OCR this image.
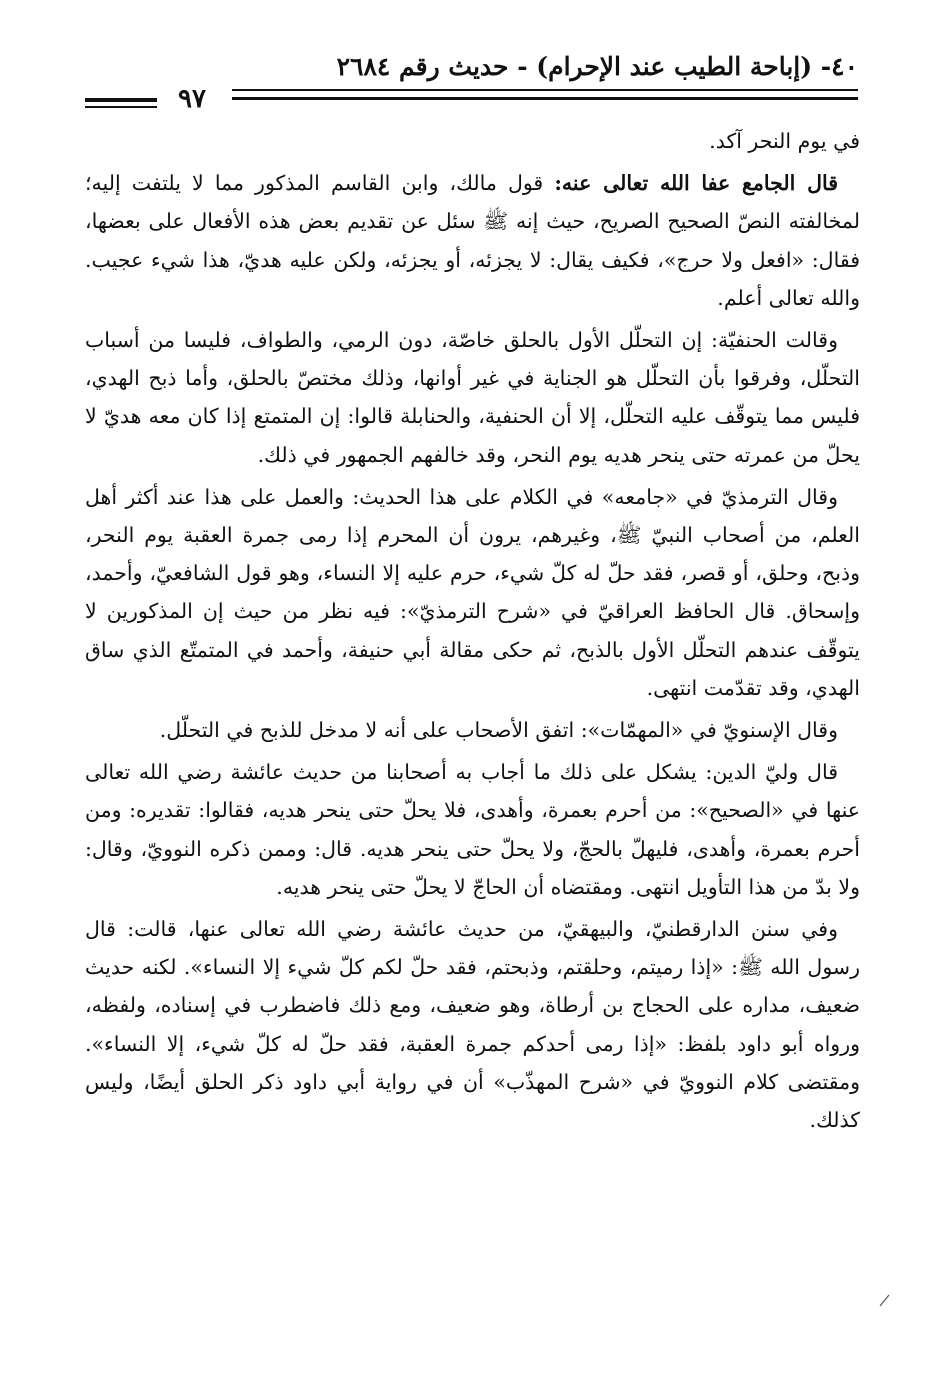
٤٠- (إباحة الطيب عند الإحرام) - حديث رقم ٢٦٨٤
٩٧

في يوم النحر آكد.

قال الجامع عفا الله تعالى عنه: قول مالك، وابن القاسم المذكور مما لا يلتفت إليه؛ لمخالفته النصّ الصحيح الصريح، حيث إنه ﷺ سئل عن تقديم بعض هذه الأفعال على بعضها، فقال: «افعل ولا حرج»، فكيف يقال: لا يجزئه، أو يجزئه، ولكن عليه هديّ، هذا شيء عجيب. والله تعالى أعلم.

وقالت الحنفيّة: إن التحلّل الأول بالحلق خاصّة، دون الرمي، والطواف، فليسا من أسباب التحلّل، وفرقوا بأن التحلّل هو الجناية في غير أوانها، وذلك مختصّ بالحلق، وأما ذبح الهدي، فليس مما يتوقّف عليه التحلّل، إلا أن الحنفية، والحنابلة قالوا: إن المتمتع إذا كان معه هديّ لا يحلّ من عمرته حتى ينحر هديه يوم النحر، وقد خالفهم الجمهور في ذلك.

وقال الترمذيّ في «جامعه» في الكلام على هذا الحديث: والعمل على هذا عند أكثر أهل العلم، من أصحاب النبيّ ﷺ، وغيرهم، يرون أن المحرم إذا رمى جمرة العقبة يوم النحر، وذبح، وحلق، أو قصر، فقد حلّ له كلّ شيء، حرم عليه إلا النساء، وهو قول الشافعيّ، وأحمد، وإسحاق. قال الحافظ العراقيّ في «شرح الترمذيّ»: فيه نظر من حيث إن المذكورين لا يتوقّف عندهم التحلّل الأول بالذبح، ثم حكى مقالة أبي حنيفة، وأحمد في المتمتّع الذي ساق الهدي، وقد تقدّمت انتهى.

وقال الإسنويّ في «المهمّات»: اتفق الأصحاب على أنه لا مدخل للذبح في التحلّل.

قال وليّ الدين: يشكل على ذلك ما أجاب به أصحابنا من حديث عائشة رضي الله تعالى عنها في «الصحيح»: من أحرم بعمرة، وأهدى، فلا يحلّ حتى ينحر هديه، فقالوا: تقديره: ومن أحرم بعمرة، وأهدى، فليهلّ بالحجّ، ولا يحلّ حتى ينحر هديه. قال: وممن ذكره النوويّ، وقال: ولا بدّ من هذا التأويل انتهى. ومقتضاه أن الحاجّ لا يحلّ حتى ينحر هديه.

وفي سنن الدارقطنيّ، والبيهقيّ، من حديث عائشة رضي الله تعالى عنها، قالت: قال رسول الله ﷺ: «إذا رميتم، وحلقتم، وذبحتم، فقد حلّ لكم كلّ شيء إلا النساء». لكنه حديث ضعيف، مداره على الحجاج بن أرطاة، وهو ضعيف، ومع ذلك فاضطرب في إسناده، ولفظه، ورواه أبو داود بلفظ: «إذا رمى أحدكم جمرة العقبة، فقد حلّ له كلّ شيء، إلا النساء». ومقتضى كلام النوويّ في «شرح المهذّب» أن في رواية أبي داود ذكر الحلق أيضًا، وليس كذلك.
